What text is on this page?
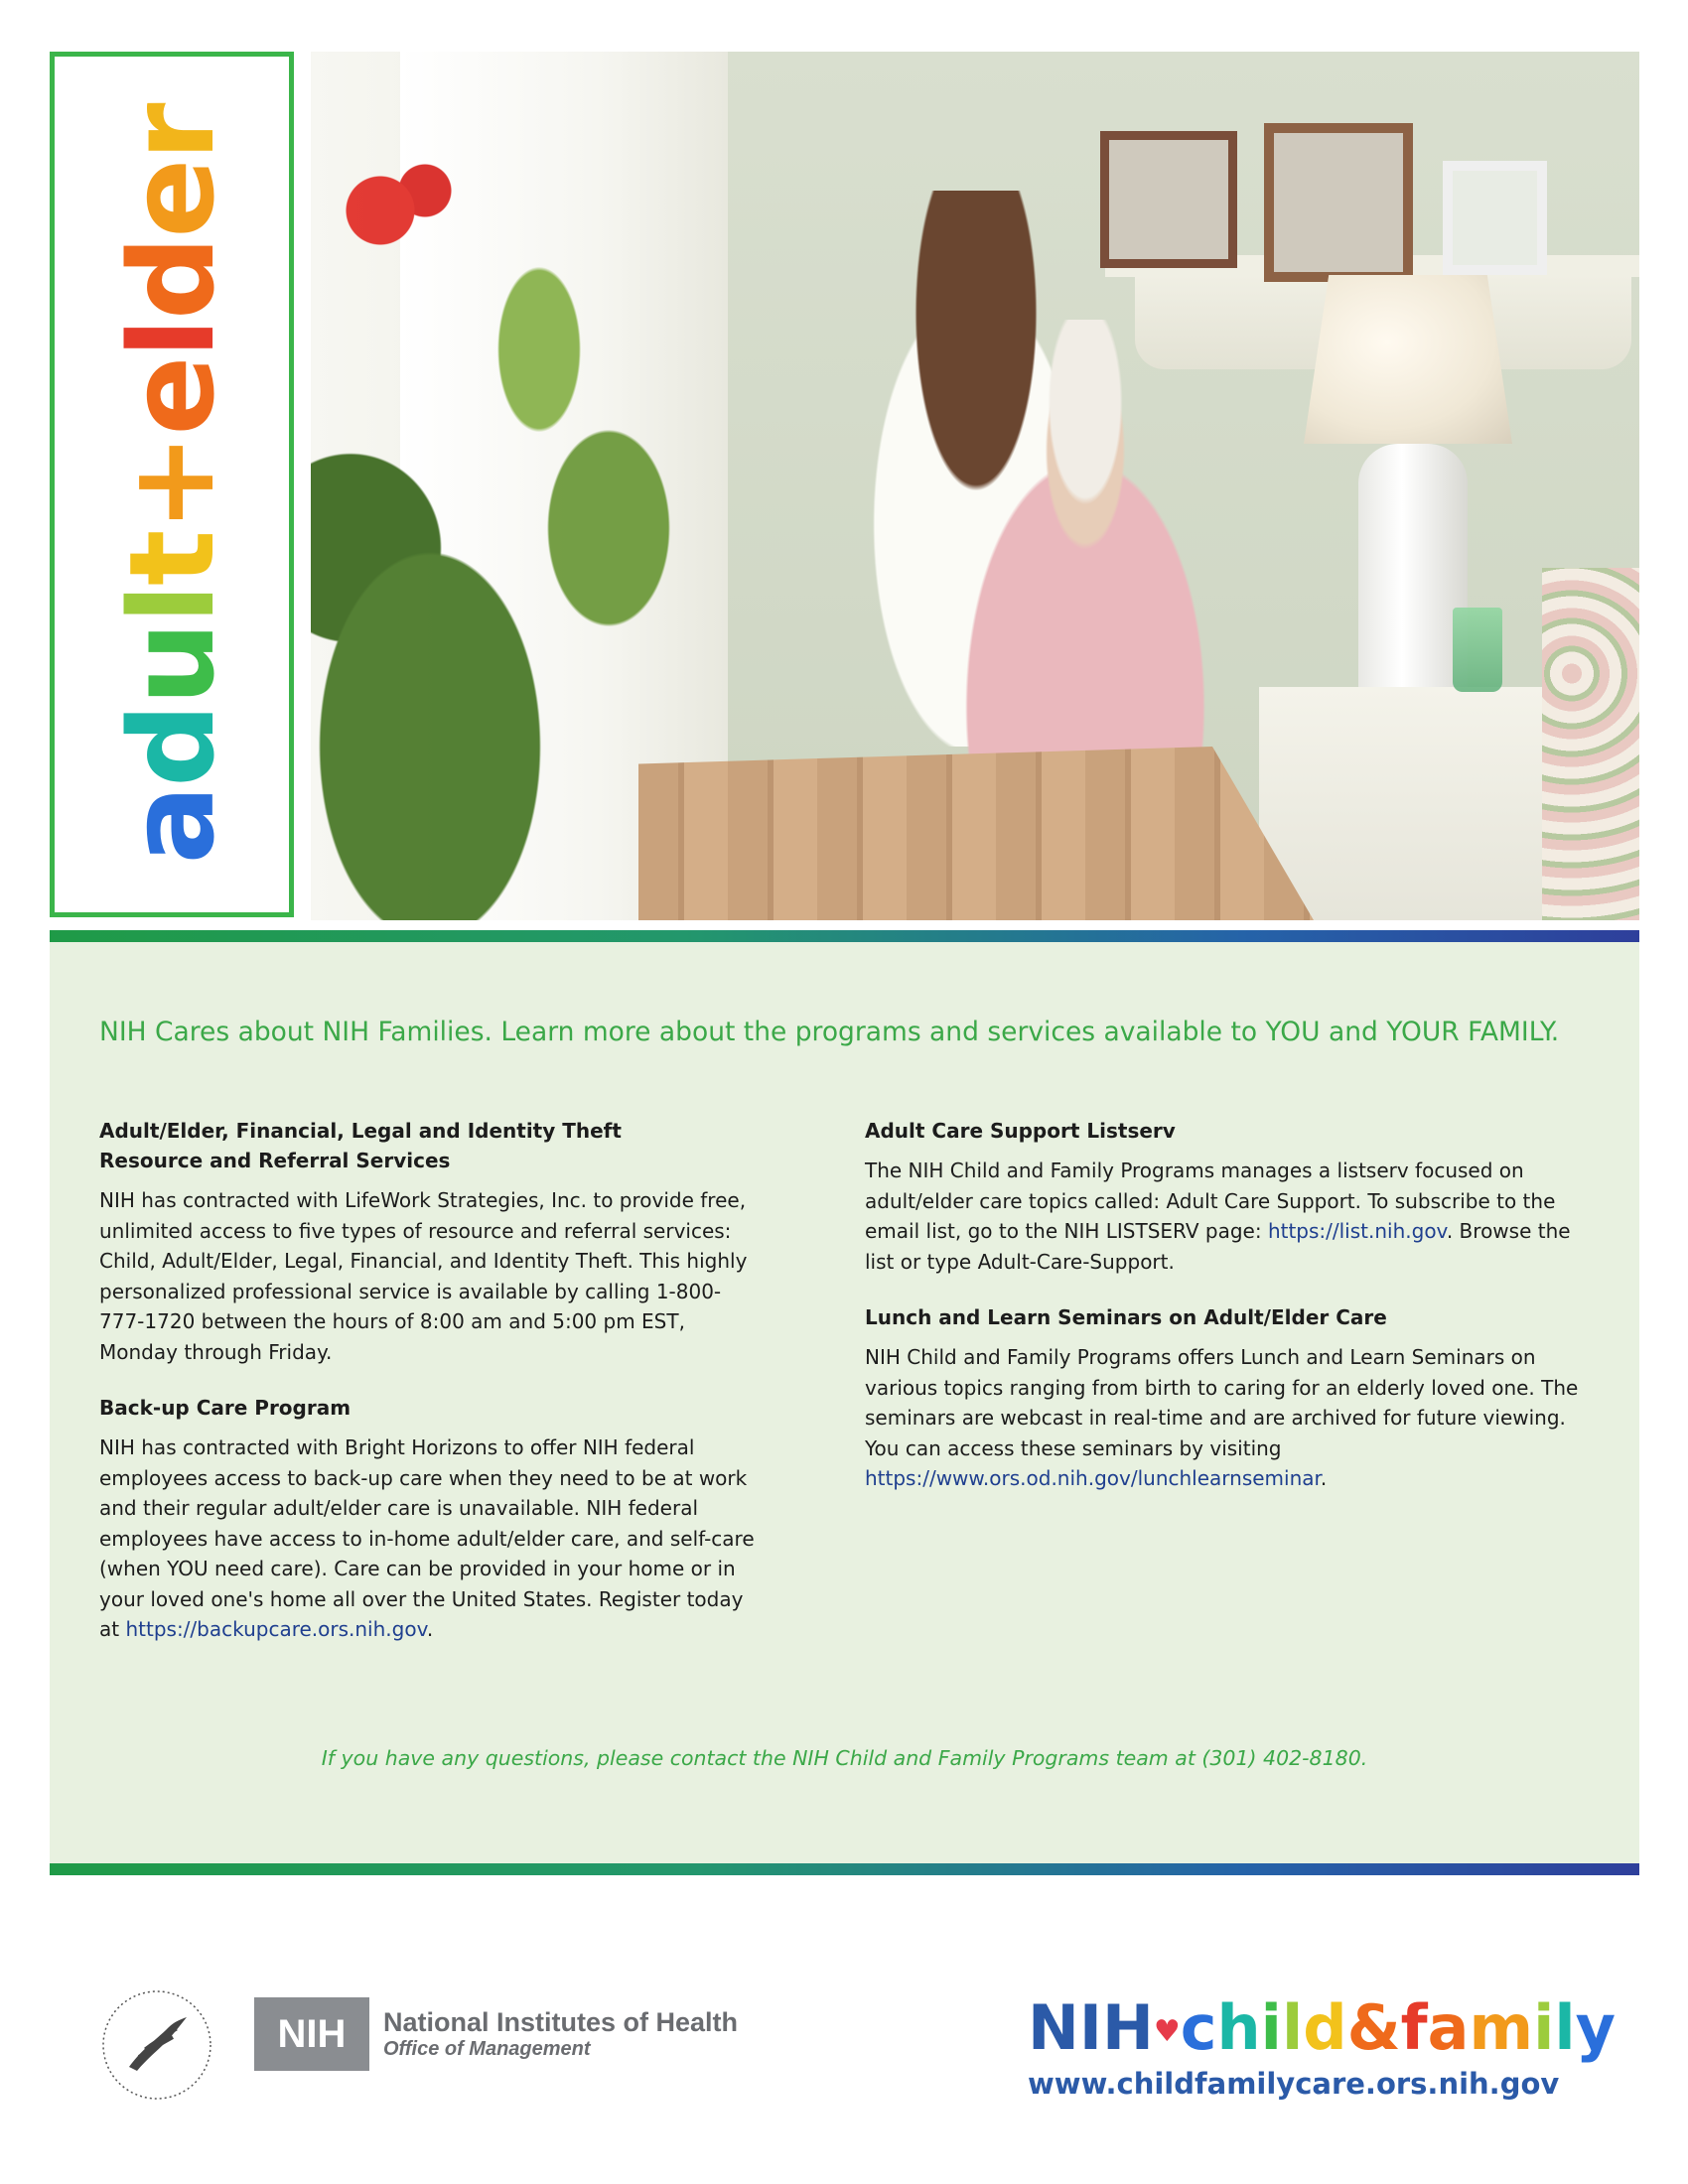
adult+elder
NIH Cares about NIH Families. Learn more about the programs and services available to YOU and YOUR FAMILY.
Adult/Elder, Financial, Legal and Identity Theft
Resource and Referral Services

NIH has contracted with LifeWork Strategies, Inc. to provide free, unlimited access to five types of resource and referral services: Child, Adult/Elder, Legal, Financial, and Identity Theft. This highly personalized professional service is available by calling 1-800-777-1720 between the hours of 8:00 am and 5:00 pm EST, Monday through Friday.

Back-up Care Program

NIH has contracted with Bright Horizons to offer NIH federal employees access to back-up care when they need to be at work and their regular adult/elder care is unavailable. NIH federal employees have access to in-home adult/elder care, and self-care (when YOU need care). Care can be provided in your home or in your loved one's home all over the United States. Register today at https://backupcare.ors.nih.gov.

Adult Care Support Listserv

The NIH Child and Family Programs manages a listserv focused on adult/elder care topics called: Adult Care Support. To subscribe to the email list, go to the NIH LISTSERV page: https://list.nih.gov. Browse the list or type Adult-Care-Support.

Lunch and Learn Seminars on Adult/Elder Care

NIH Child and Family Programs offers Lunch and Learn Seminars on various topics ranging from birth to caring for an elderly loved one. The seminars are webcast in real-time and are archived for future viewing. You can access these seminars by visiting https://www.ors.od.nih.gov/lunchlearnseminar.

If you have any questions, please contact the NIH Child and Family Programs team at (301) 402-8180.
NIH	National Institutes of Health
Office of Management	NIH♥child&family
www.childfamilycare.ors.nih.gov
